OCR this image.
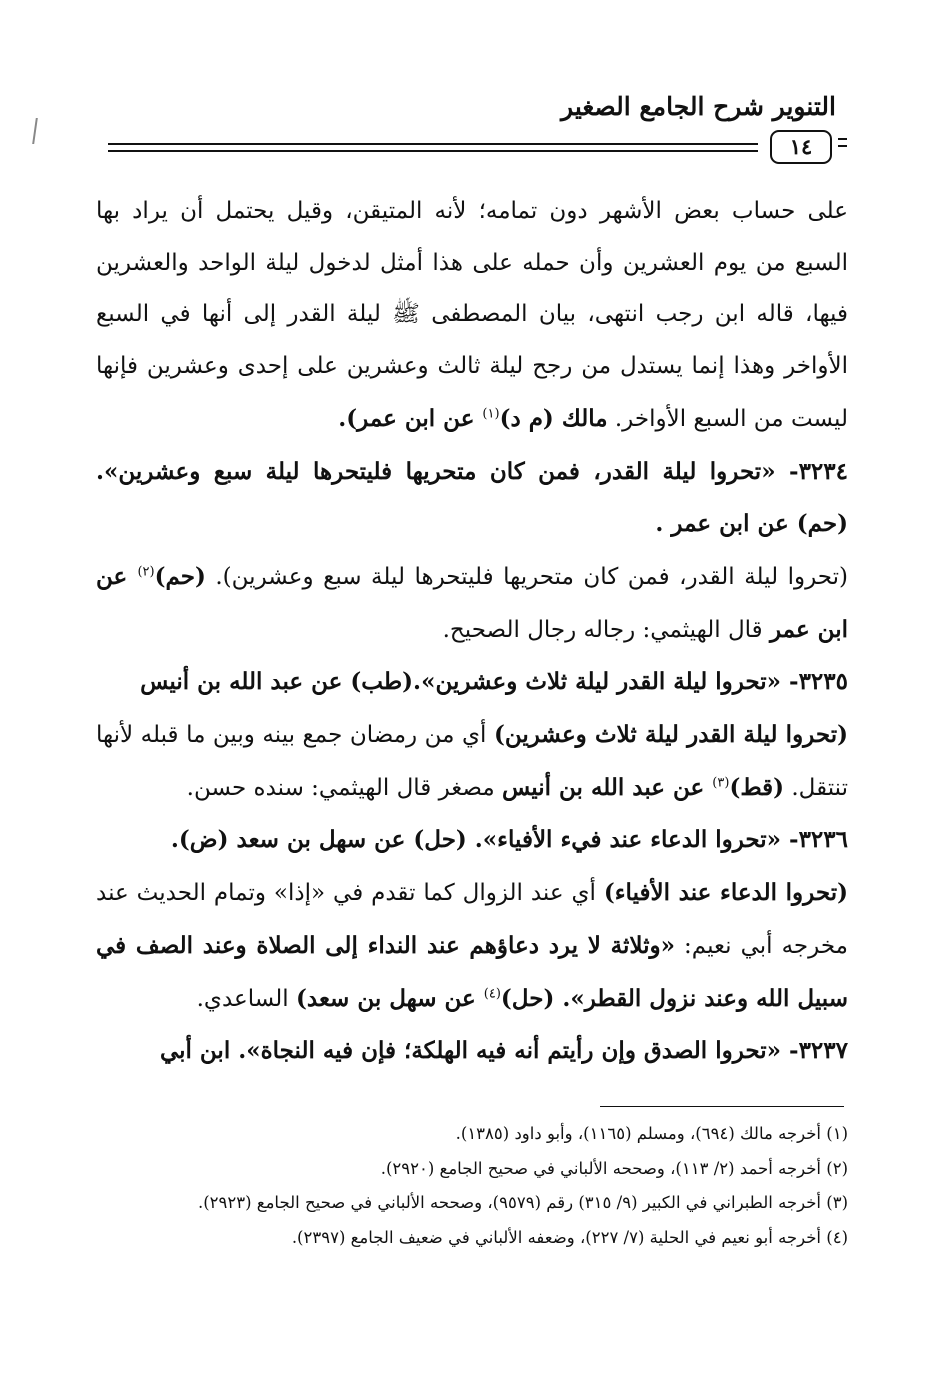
التنوير شرح الجامع الصغير
١٤

على حساب بعض الأشهر دون تمامه؛ لأنه المتيقن، وقيل يحتمل أن يراد بها السبع من يوم العشرين وأن حمله على هذا أمثل لدخول ليلة الواحد والعشرين فيها، قاله ابن رجب انتهى، بيان المصطفى ﷺ ليلة القدر إلى أنها في السبع الأواخر وهذا إنما يستدل من رجح ليلة ثالث وعشرين على إحدى وعشرين فإنها ليست من السبع الأواخر. مالك (م د)$^{(١)}$ عن ابن عمر).

٣٢٣٤- «تحروا ليلة القدر، فمن كان متحريها فليتحرها ليلة سبع وعشرين». (حم) عن ابن عمر .

(تحروا ليلة القدر، فمن كان متحريها فليتحرها ليلة سبع وعشرين). (حم)$^{(٢)}$ عن ابن عمر قال الهيثمي: رجاله رجال الصحيح.

٣٢٣٥- «تحروا ليلة القدر ليلة ثلاث وعشرين».(طب) عن عبد الله بن أنيس

(تحروا ليلة القدر ليلة ثلاث وعشرين) أي من رمضان جمع بينه وبين ما قبله لأنها تنتقل. (قط)$^{(٣)}$ عن عبد الله بن أنيس مصغر قال الهيثمي: سنده حسن.

٣٢٣٦- «تحروا الدعاء عند فيء الأفياء». (حل) عن سهل بن سعد (ض).

(تحروا الدعاء عند الأفياء) أي عند الزوال كما تقدم في «إذا» وتمام الحديث عند مخرجه أبي نعيم: «وثلاثة لا يرد دعاؤهم عند النداء إلى الصلاة وعند الصف في سبيل الله وعند نزول القطر». (حل)$^{(٤)}$ عن سهل بن سعد) الساعدي.

٣٢٣٧- «تحروا الصدق وإن رأيتم أنه فيه الهلكة؛ فإن فيه النجاة». ابن أبي

(١) أخرجه مالك (٦٩٤)، ومسلم (١١٦٥)، وأبو داود (١٣٨٥).

(٢) أخرجه أحمد (٢/ ١١٣)، وصححه الألباني في صحيح الجامع (٢٩٢٠).

(٣) أخرجه الطبراني في الكبير (٩/ ٣١٥) رقم (٩٥٧٩)، وصححه الألباني في صحيح الجامع (٢٩٢٣).

(٤) أخرجه أبو نعيم في الحلية (٧/ ٢٢٧)، وضعفه الألباني في ضعيف الجامع (٢٣٩٧).
